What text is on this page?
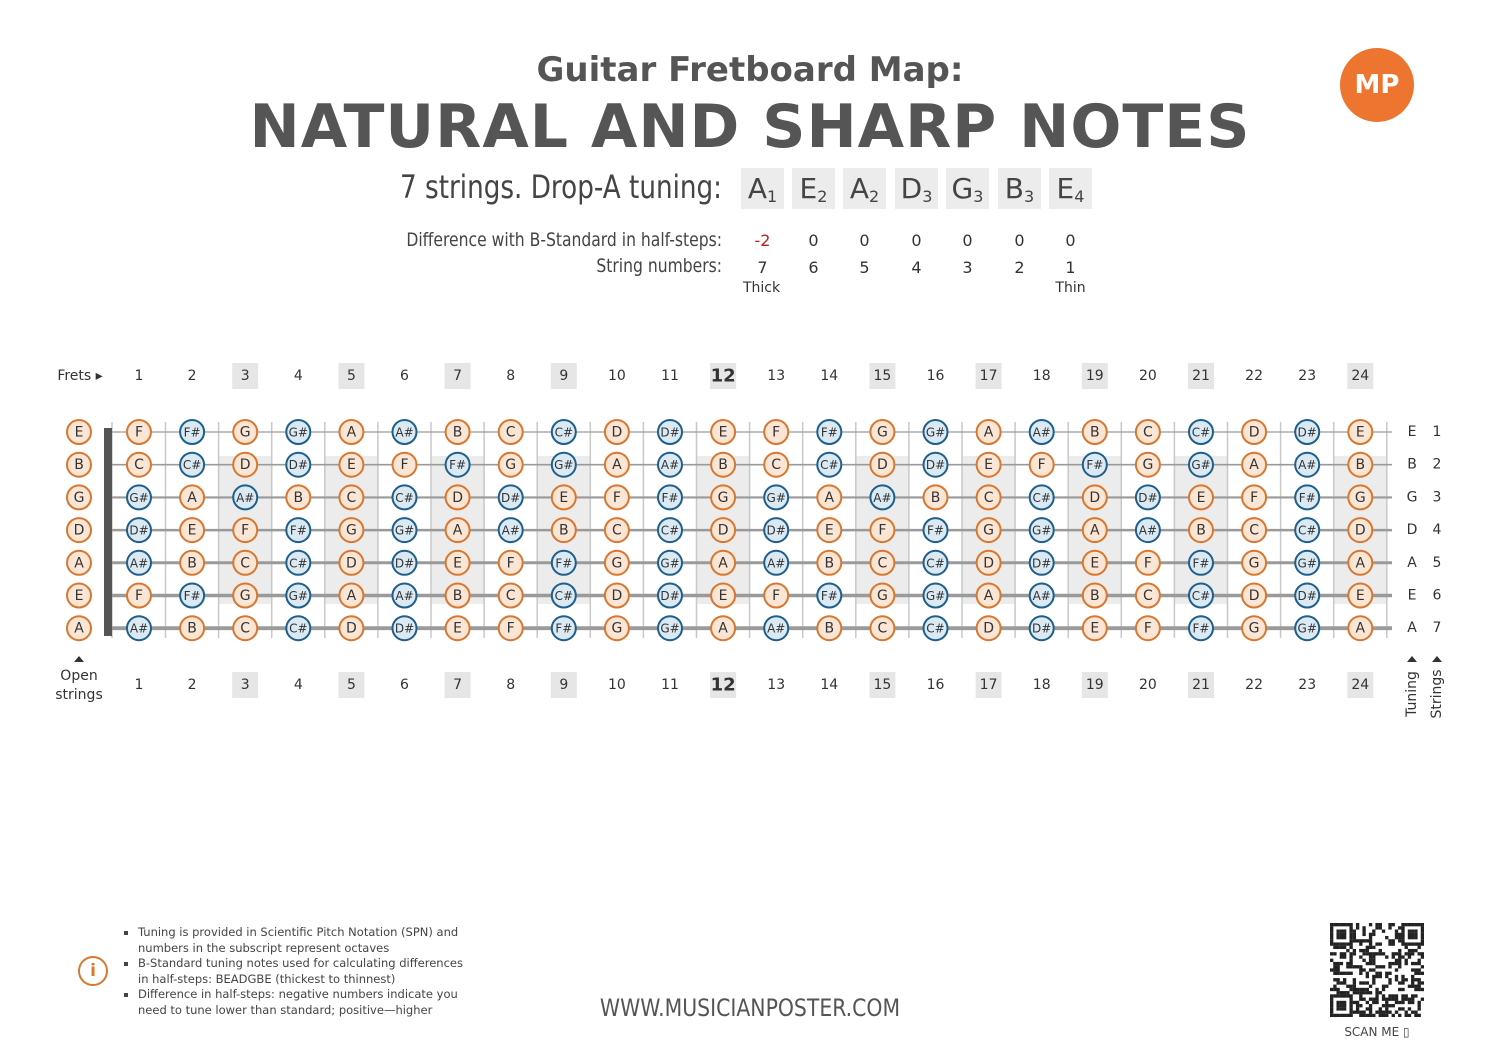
Guitar Fretboard Map:
NATURAL AND SHARP NOTES
MP
7 strings. Drop-A tuning: $A_1$ $E_2$ $A_2$ $D_3$ $G_3$ $B_3$ $E_4$
Difference with B-Standard in half-steps:
String numbers:
-2	0	0	0	0	0	0
7	6	5	4	3	2	1
Thick	Thin
Frets ▸ 1	2	3	4	5	6	7	8	9	10	11 12 13	14	15	16	17	18	19	20	21	22	23	24
1	2	3	4	5	6	7	8	9	10	11 12 13	14	15	16	17	18	19	20	21	22	23	24
F	F#	G	G#	A	A#	B	C	C#	D	D#	E	F	F#	G	G#	A	A#	B	C	C#	D	D#	E
C	C#	D	D#	E	F	F#	G	G#	A	A#	B	C	C#	D	D#	E	F	F#	G	G#	A	A#	B
G#	A	A#	B	C	C#	D	D#	E	F	F#	G	G#	A	A#	B	C	C#	D	D#	E	F	F#	G
D#	E	F	F#	G	G#	A	A#	B	C	C#	D	D#	E	F	F#	G	G#	A	A#	B	C	C#	D
A#	B	C	C#	D	D#	E	F	F#	G	G#	A	A#	B	C	C#	D	D#	E	F	F#	G	G#	A
F	F#	G	G#	A	A#	B	C	C#	D	D#	E	F	F#	G	G#	A	A#	B	C	C#	D	D#	E
A#	B	C	C#	D	D#	E	F	F#	G	G#	A	A#	B	C	C#	D	D#	E	F	F#	G	G#	A
E
B
G
D
A
E
A
Open
strings
E
B
G
D
A
E
A
1
2
3
4
5
6
7
Tuning Strings
i
▪ Tuning is provided in Scientific Pitch Notation (SPN) and numbers in the subscript represent octaves
▪ B-Standard tuning notes used for calculating differences in half-steps: BEADGBE (thickest to thinnest)
▪ Difference in half-steps: negative numbers indicate you need to tune lower than standard; positive—higher	WWW.MUSICIANPOSTER.COM
SCAN ME ▯
